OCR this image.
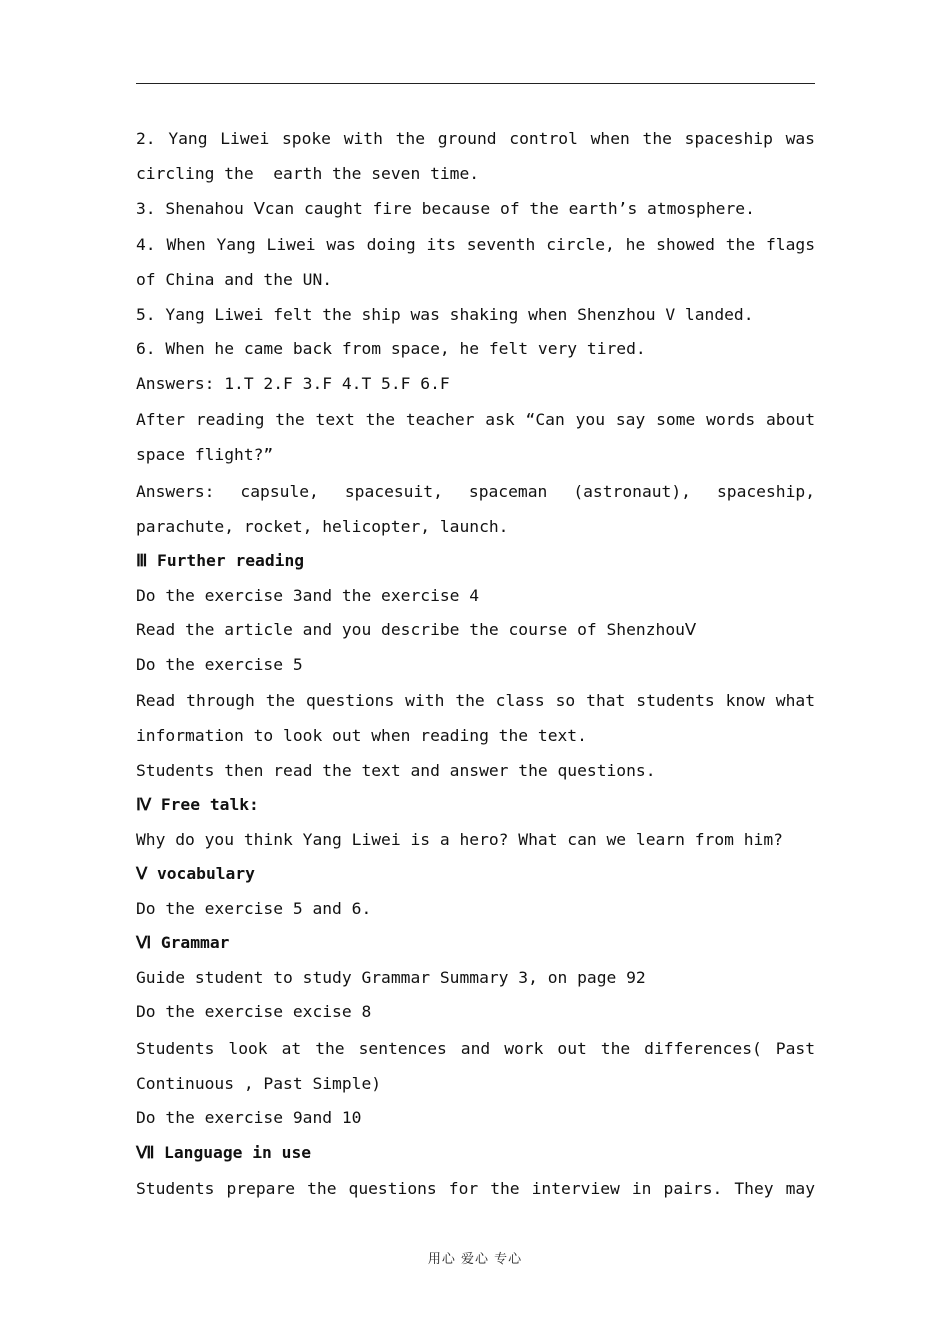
2. Yang Liwei spoke with the ground control when the spaceship was

circling the  earth the seven time.

3. Shenahou Ⅴcan caught fire because of the earth’s atmosphere.

4. When Yang Liwei was doing its seventh circle, he showed the flags

of China and the UN.

5. Yang Liwei felt the ship was shaking when Shenzhou V landed.

6. When he came back from space, he felt very tired.

Answers: 1.T 2.F 3.F 4.T 5.F 6.F

After reading the text the teacher ask “Can you say some words about

space flight?”

Answers: capsule, spacesuit, spaceman (astronaut), spaceship,

parachute, rocket, helicopter, launch.

Ⅲ Further reading

Do the exercise 3and the exercise 4

Read the article and you describe the course of ShenzhouⅤ

Do the exercise 5

Read through the questions with the class so that students know what

information to look out when reading the text.

Students then read the text and answer the questions.

Ⅳ Free talk:

Why do you think Yang Liwei is a hero? What can we learn from him?

Ⅴ vocabulary

Do the exercise 5 and 6.

Ⅵ Grammar

Guide student to study Grammar Summary 3, on page 92

Do the exercise excise 8

Students look at the sentences and work out the differences( Past

Continuous , Past Simple)

Do the exercise 9and 10

Ⅶ Language in use

Students prepare the questions for the interview in pairs. They may

用心 爱心 专心
